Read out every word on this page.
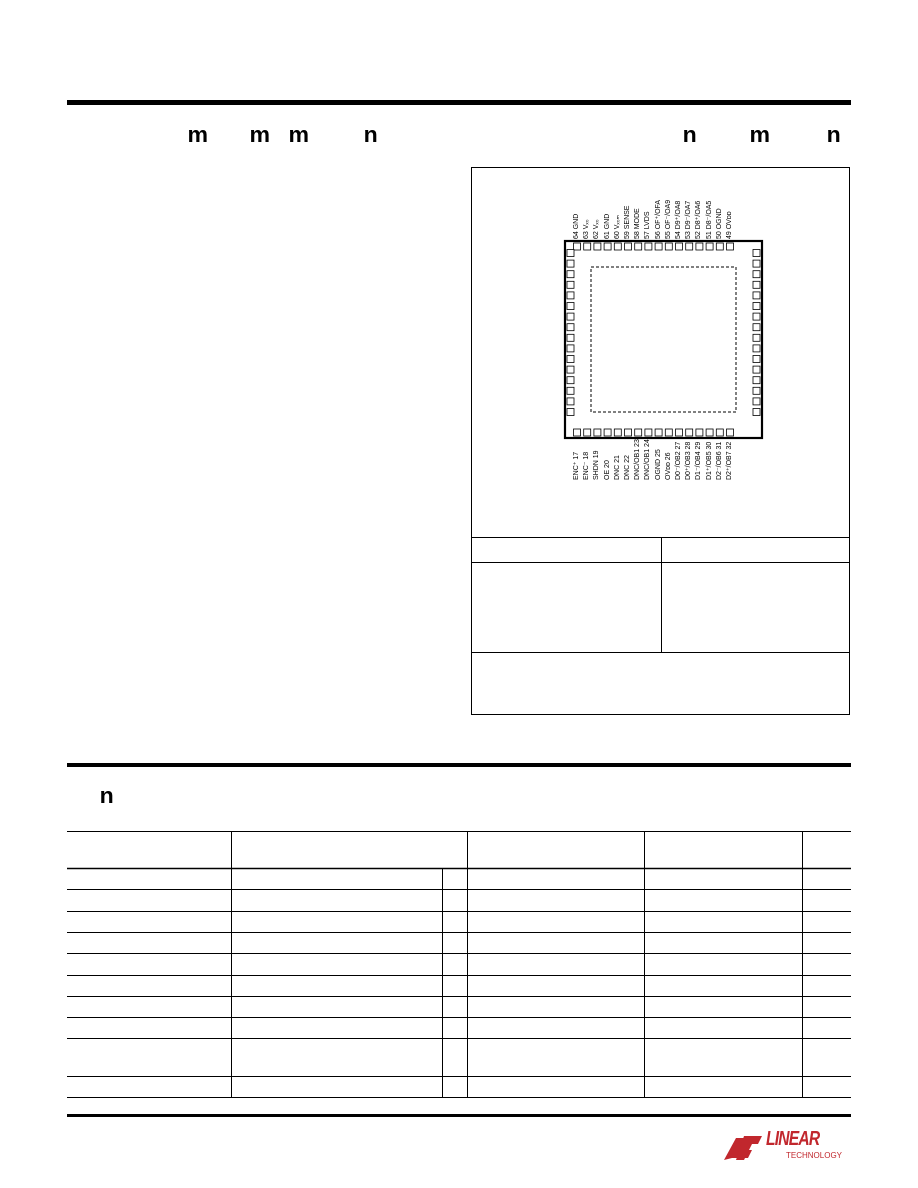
m m m n	n m	n
64 GND 63 Vₓ₀ 62 Vₓ₀ 61 GND 60 Vₓ₀ₘ 59 SENSE 58 MODE 57 LVDS 56 OF⁺/OFA 55 OF⁻/OA9 54 D9⁺/OA8 53 D9⁻/OA7 52 D8⁺/OA6 51 D8⁻/OA5 50 OGND 49 OVᴅᴅ
ENC⁺ 17 ENC⁻ 18 SHDN 19 OE 20 DNC 21 DNC 22 DNC/OB1 23 DNC/OB1 24 OGND 25 OVᴅᴅ 26 D0⁻/OB2 27 D0⁺/OB3 28 D1⁻/OB4 29 D1⁺/OB5 30 D2⁻/OB6 31 D2⁺/OB7 32
n
LINEAR
TECHNOLOGY
